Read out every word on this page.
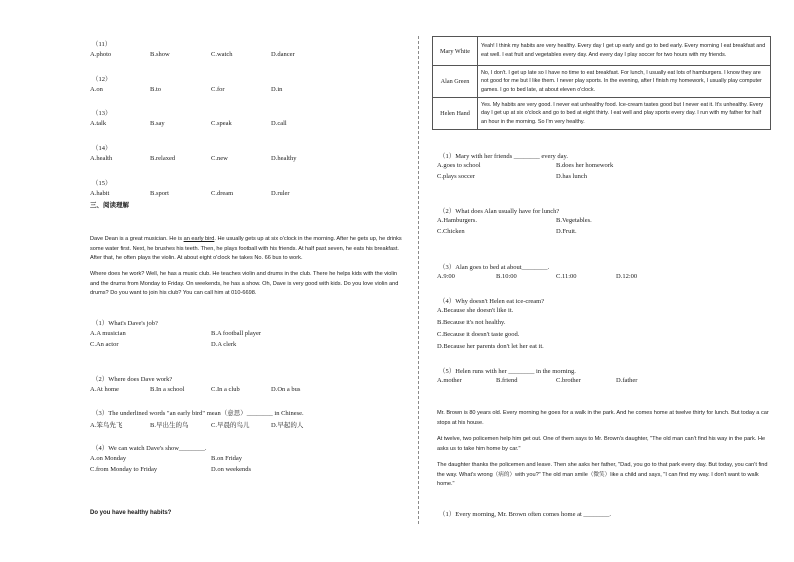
（11）
A.photo	B.show	C.watch	D.dancer
（12）
A.on	B.to	C.for	D.in
（13）
A.talk	B.say	C.speak	D.call
（14）
A.health	B.relaxed	C.new	D.healthy
（15）
A.habit	B.sport	C.dream	D.ruler
三、阅读理解
Dave Dean is a great musician. He is an early bird. He usually gets up at six o'clock in the morning. After he gets up, he drinks some water first. Next, he brushes his teeth. Then, he plays football with his friends. At half past seven, he eats his breakfast. After that, he often plays the violin. At about eight o'clock he takes No. 66 bus to work.
Where does he work? Well, he has a music club. He teaches violin and drums in the club. There he helps kids with the violin and the drums from Monday to Friday. On weekends, he has a show. Oh, Dave is very good with kids. Do you love violin and drums? Do you want to join his club? You can call him at 010-6698.
（1）What's Dave's job?
A.A musician	B.A football player
C.An actor	D.A clerk
（2）Where does Dave work?
A.At home	B.In a school	C.In a club	D.On a bus
（3）The underlined words "an early bird" mean（意思）________ in Chinese.
A.笨鸟先飞	B.早出生的鸟	C.早晨的鸟儿	D.早起的人
（4）We can watch Dave's show________.
A.on Monday	B.on Friday
C.from Monday to Friday	D.on weekends
Do you have healthy habits?
Mary White	Yeah! I think my habits are very healthy. Every day I get up early and go to bed early. Every morning I eat breakfast and eat well. I eat fruit and vegetables every day. And every day I play soccer for two hours with my friends.
Alan Green	No, I don't. I get up late so I have no time to eat breakfast. For lunch, I usually eat lots of hamburgers. I know they are not good for me but I like them. I never play sports. In the evening, after I finish my homework, I usually play computer games. I go to bed late, at about eleven o'clock.
Helen Hand	Yes. My habits are very good. I never eat unhealthy food. Ice-cream tastes good but I never eat it. It's unhealthy. Every day I get up at six o'clock and go to bed at eight thirty. I eat well and play sports every day. I run with my father for half an hour in the morning. So I'm very healthy.
（1）Mary with her friends ________ every day.
A.goes to school	B.does her homework
C.plays soccer	D.has lunch
（2）What does Alan usually have for lunch?
A.Hamburgers.	B.Vegetables.
C.Chicken	D.Fruit.
（3）Alan goes to bed at about________.
A.9:00	B.10:00	C.11:00	D.12:00
（4）Why doesn't Helen eat ice-cream?
A.Because she doesn't like it.
B.Because it's not healthy.
C.Because it doesn't taste good.
D.Because her parents don't let her eat it.
（5）Helen runs with her ________ in the morning.
A.mother	B.friend	C.brother	D.father
Mr. Brown is 80 years old. Every morning he goes for a walk in the park. And he comes home at twelve thirty for lunch. But today a car stops at his house.
At twelve, two policemen help him get out. One of them says to Mr. Brown's daughter, "The old man can't find his way in the park. He asks us to take him home by car."
The daughter thanks the policemen and leave. Then she asks her father, "Dad, you go to that park every day. But today, you can't find the way. What's wrong（病的）with you?" The old man smile（微笑）like a child and says, "I can find my way. I don't want to walk home."
（1）Every morning, Mr. Brown often comes home at ________.
